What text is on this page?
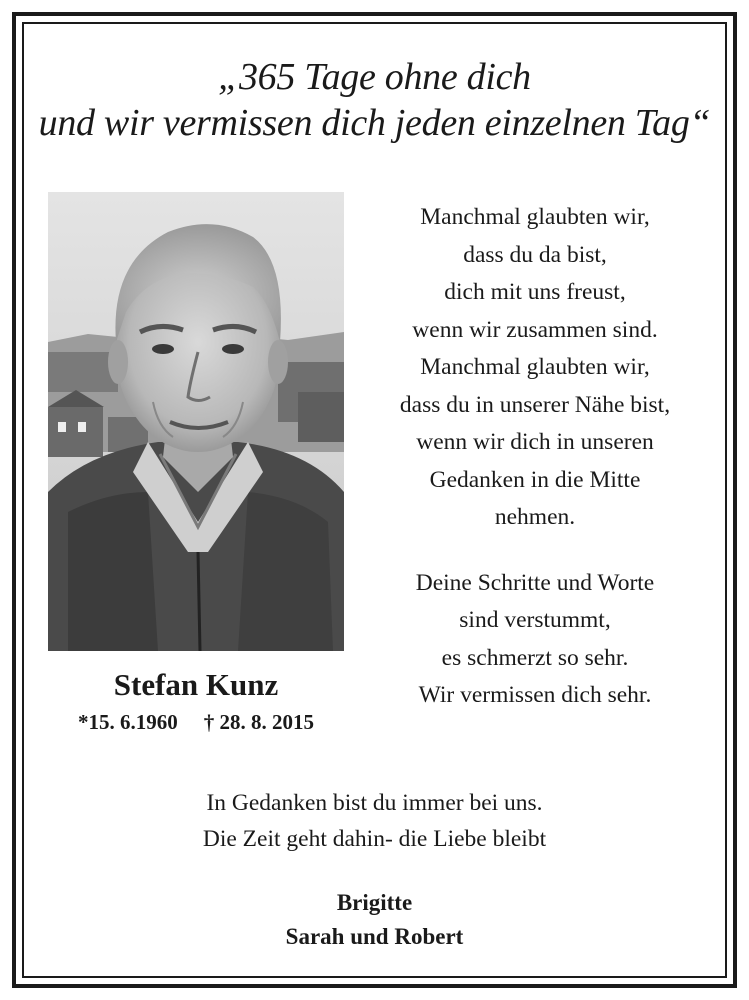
„365 Tage ohne dich
und wir vermissen dich jeden einzelnen Tag“
Stefan Kunz
*15. 6.1960 † 28. 8. 2015
Manchmal glaubten wir,
dass du da bist,
dich mit uns freust,
wenn wir zusammen sind.
Manchmal glaubten wir,
dass du in unserer Nähe bist,
wenn wir dich in unseren
Gedanken in die Mitte
nehmen.
Deine Schritte und Worte
sind verstummt,
es schmerzt so sehr.
Wir vermissen dich sehr.
In Gedanken bist du immer bei uns.
Die Zeit geht dahin- die Liebe bleibt
Brigitte
Sarah und Robert
